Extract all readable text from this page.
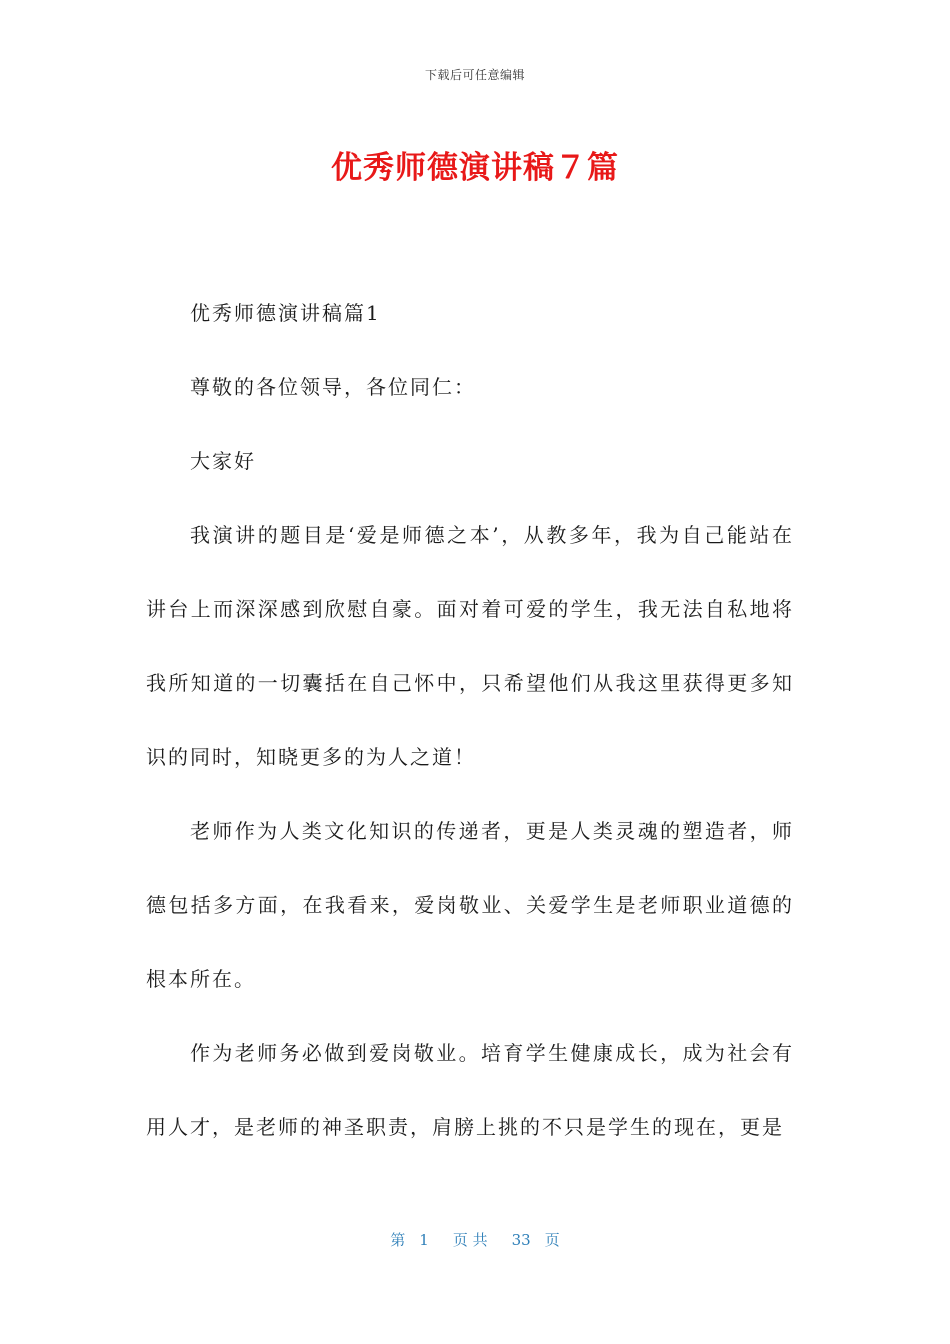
下载后可任意编辑
优秀师德演讲稿７篇

优秀师德演讲稿篇1

尊敬的各位领导，各位同仁：

大家好

我演讲的题目是‘爱是师德之本’，从教多年，我为自己能站在讲台上而深深感到欣慰自豪。面对着可爱的学生，我无法自私地将我所知道的一切囊括在自己怀中，只希望他们从我这里获得更多知识的同时，知晓更多的为人之道！

老师作为人类文化知识的传递者，更是人类灵魂的塑造者，师德包括多方面，在我看来，爱岗敬业、关爱学生是老师职业道德的根本所在。

作为老师务必做到爱岗敬业。培育学生健康成长，成为社会有用人才，是老师的神圣职责，肩膀上挑的不只是学生的现在，更是

第 1 页 共 33 页
